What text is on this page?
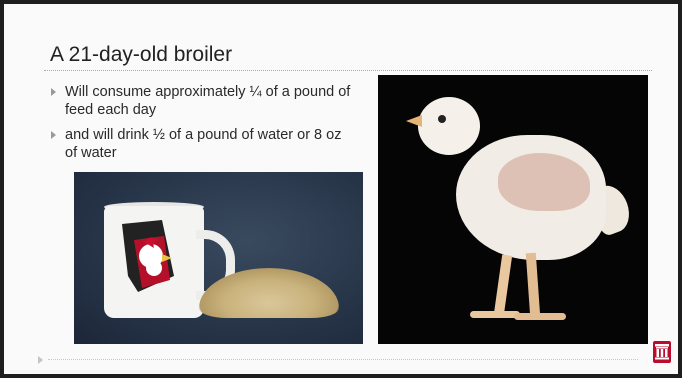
A 21-day-old broiler
Will consume approximately ¼ of a pound of feed each day
and will drink ½ of a pound of water or 8 oz of water
